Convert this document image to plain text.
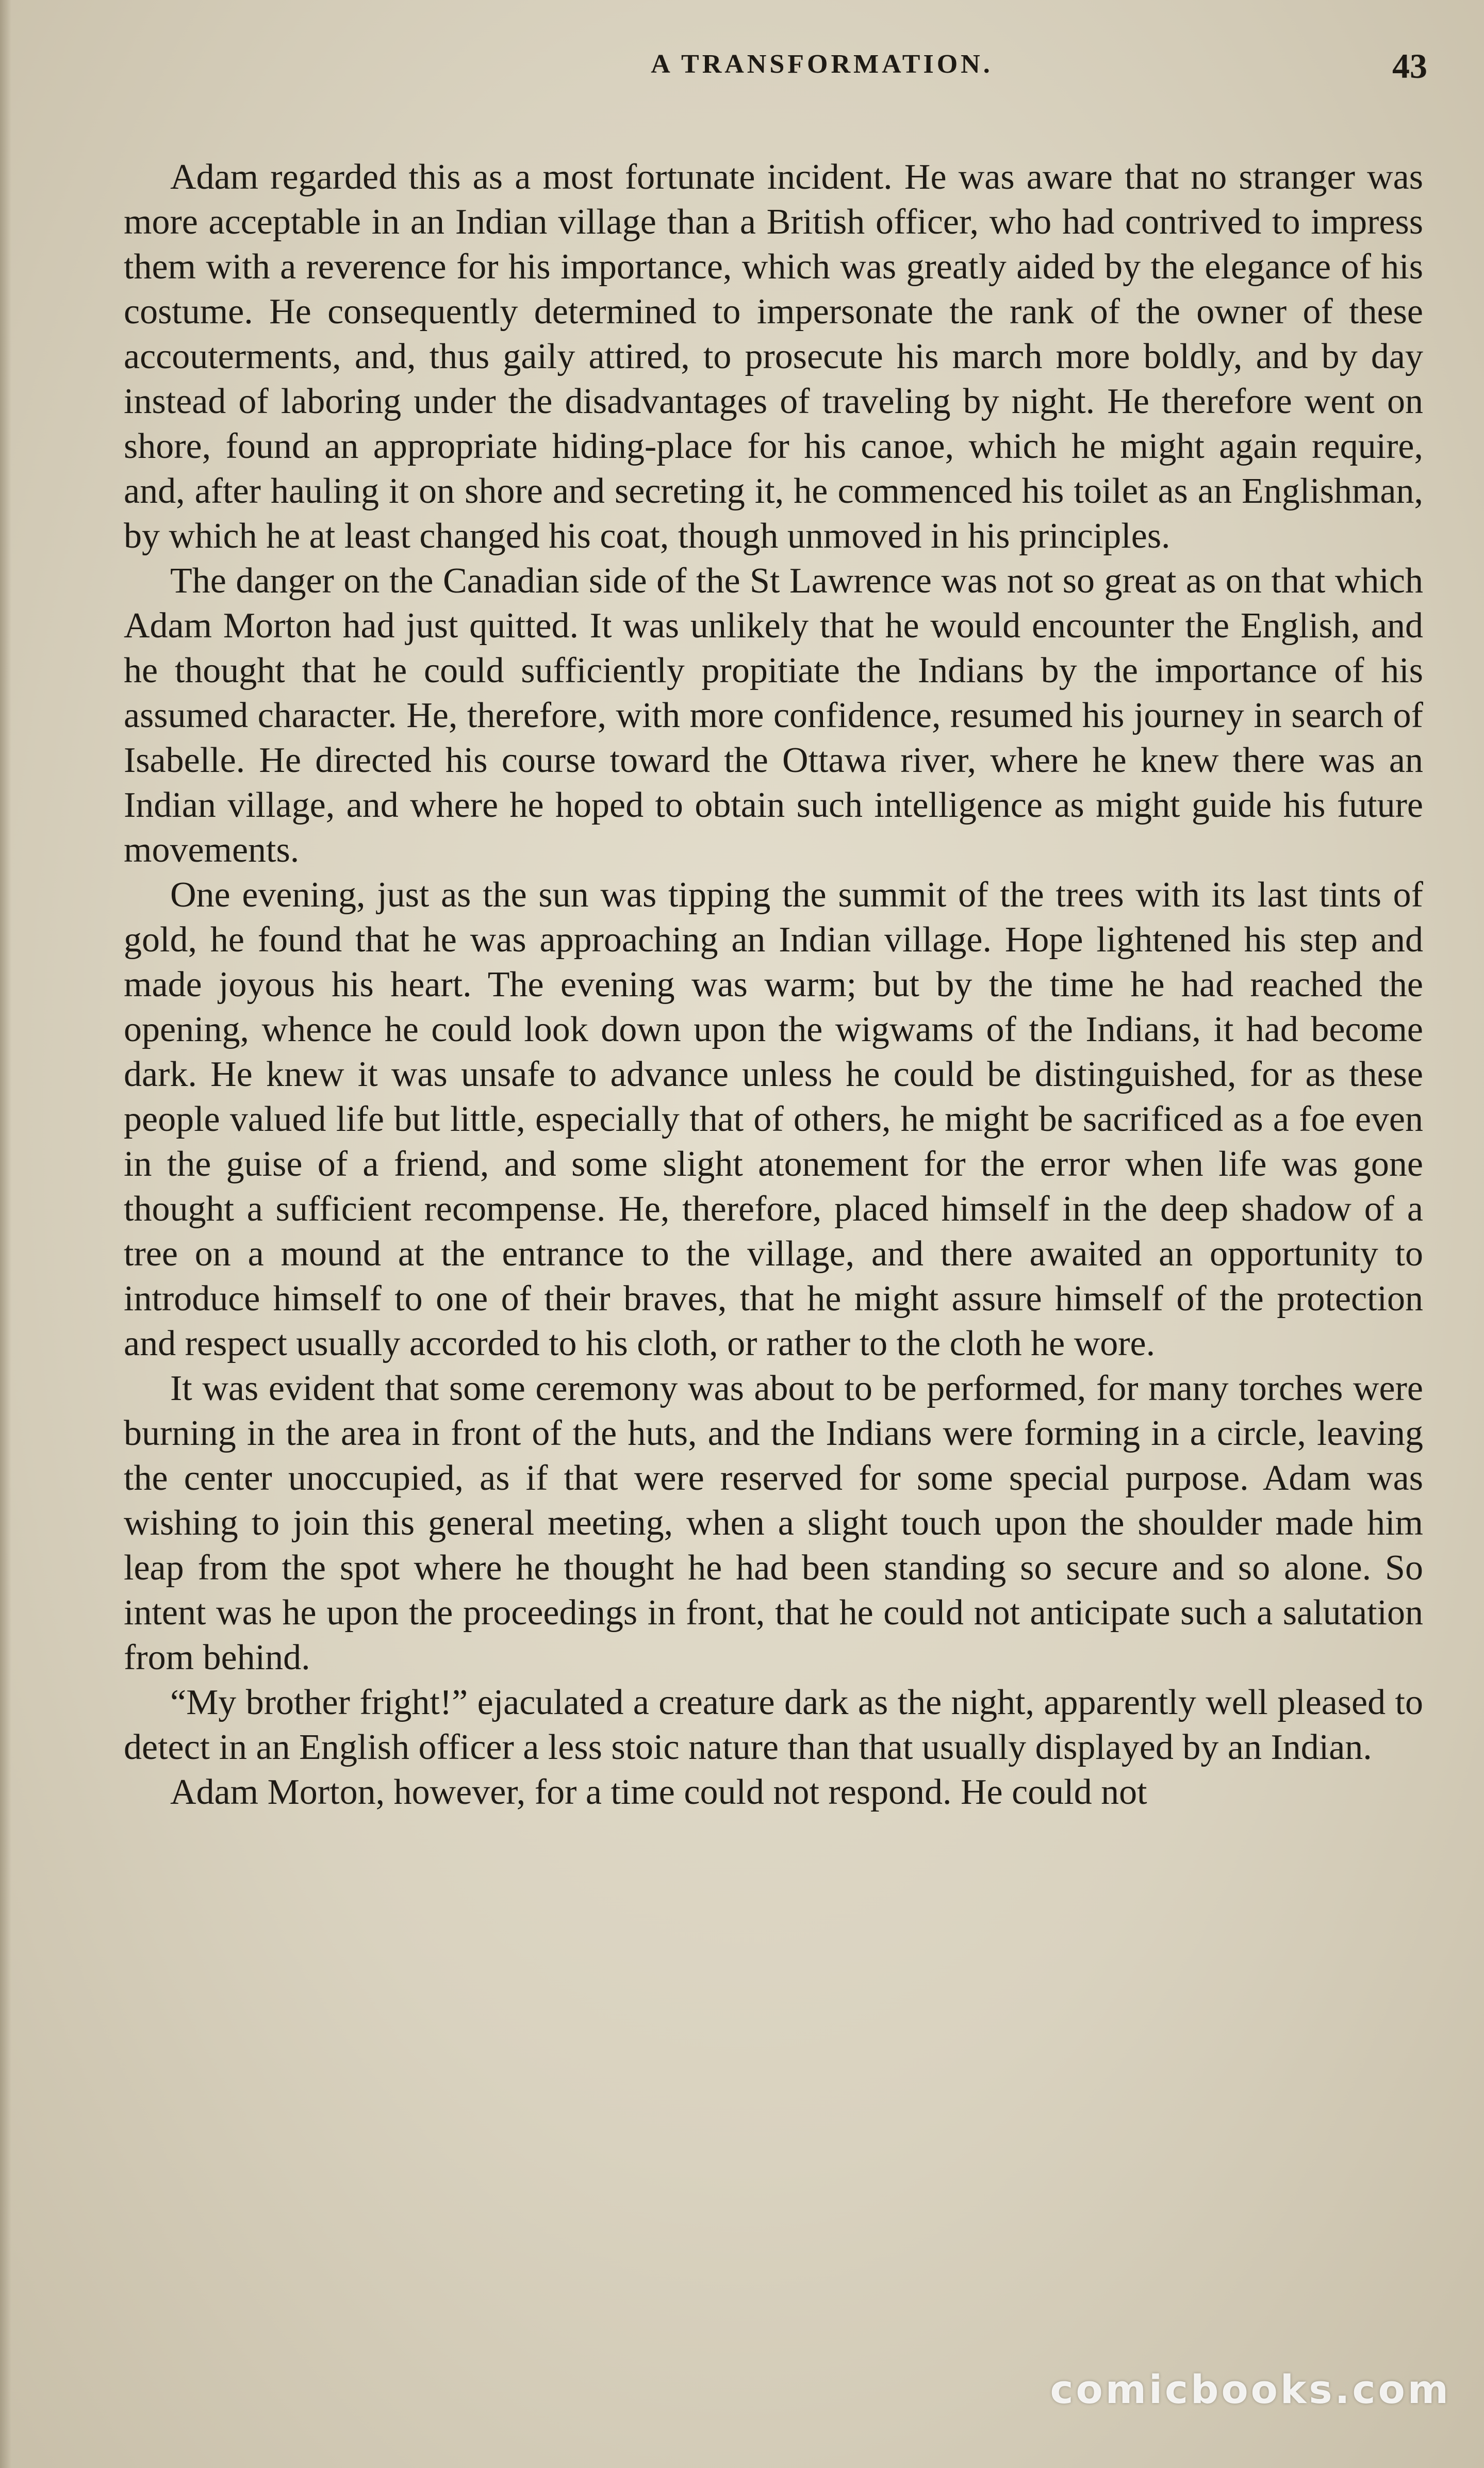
A TRANSFORMATION.	43

Adam regarded this as a most fortunate incident. He was aware that no stranger was more acceptable in an Indian village than a British officer, who had contrived to impress them with a reverence for his importance, which was greatly aided by the elegance of his costume. He consequently determined to impersonate the rank of the owner of these accouterments, and, thus gaily attired, to prosecute his march more boldly, and by day instead of laboring under the disadvantages of traveling by night. He therefore went on shore, found an appropriate hiding-place for his canoe, which he might again require, and, after hauling it on shore and secreting it, he commenced his toilet as an Englishman, by which he at least changed his coat, though unmoved in his principles.

The danger on the Canadian side of the St Lawrence was not so great as on that which Adam Morton had just quitted. It was unlikely that he would encounter the English, and he thought that he could sufficiently propitiate the Indians by the importance of his assumed character. He, therefore, with more confidence, resumed his journey in search of Isabelle. He directed his course toward the Ottawa river, where he knew there was an Indian village, and where he hoped to obtain such intelligence as might guide his future movements.

One evening, just as the sun was tipping the summit of the trees with its last tints of gold, he found that he was approaching an Indian village. Hope lightened his step and made joyous his heart. The evening was warm; but by the time he had reached the opening, whence he could look down upon the wigwams of the Indians, it had become dark. He knew it was unsafe to advance unless he could be distinguished, for as these people valued life but little, especially that of others, he might be sacrificed as a foe even in the guise of a friend, and some slight atonement for the error when life was gone thought a sufficient recompense. He, therefore, placed himself in the deep shadow of a tree on a mound at the entrance to the village, and there awaited an opportunity to introduce himself to one of their braves, that he might assure himself of the protection and respect usually accorded to his cloth, or rather to the cloth he wore.

It was evident that some ceremony was about to be performed, for many torches were burning in the area in front of the huts, and the Indians were forming in a circle, leaving the center unoccupied, as if that were reserved for some special purpose. Adam was wishing to join this general meeting, when a slight touch upon the shoulder made him leap from the spot where he thought he had been standing so secure and so alone. So intent was he upon the proceedings in front, that he could not anticipate such a salutation from behind.

“My brother fright!” ejaculated a creature dark as the night, apparently well pleased to detect in an English officer a less stoic nature than that usually displayed by an Indian.

Adam Morton, however, for a time could not respond. He could not

comicbooks.com
